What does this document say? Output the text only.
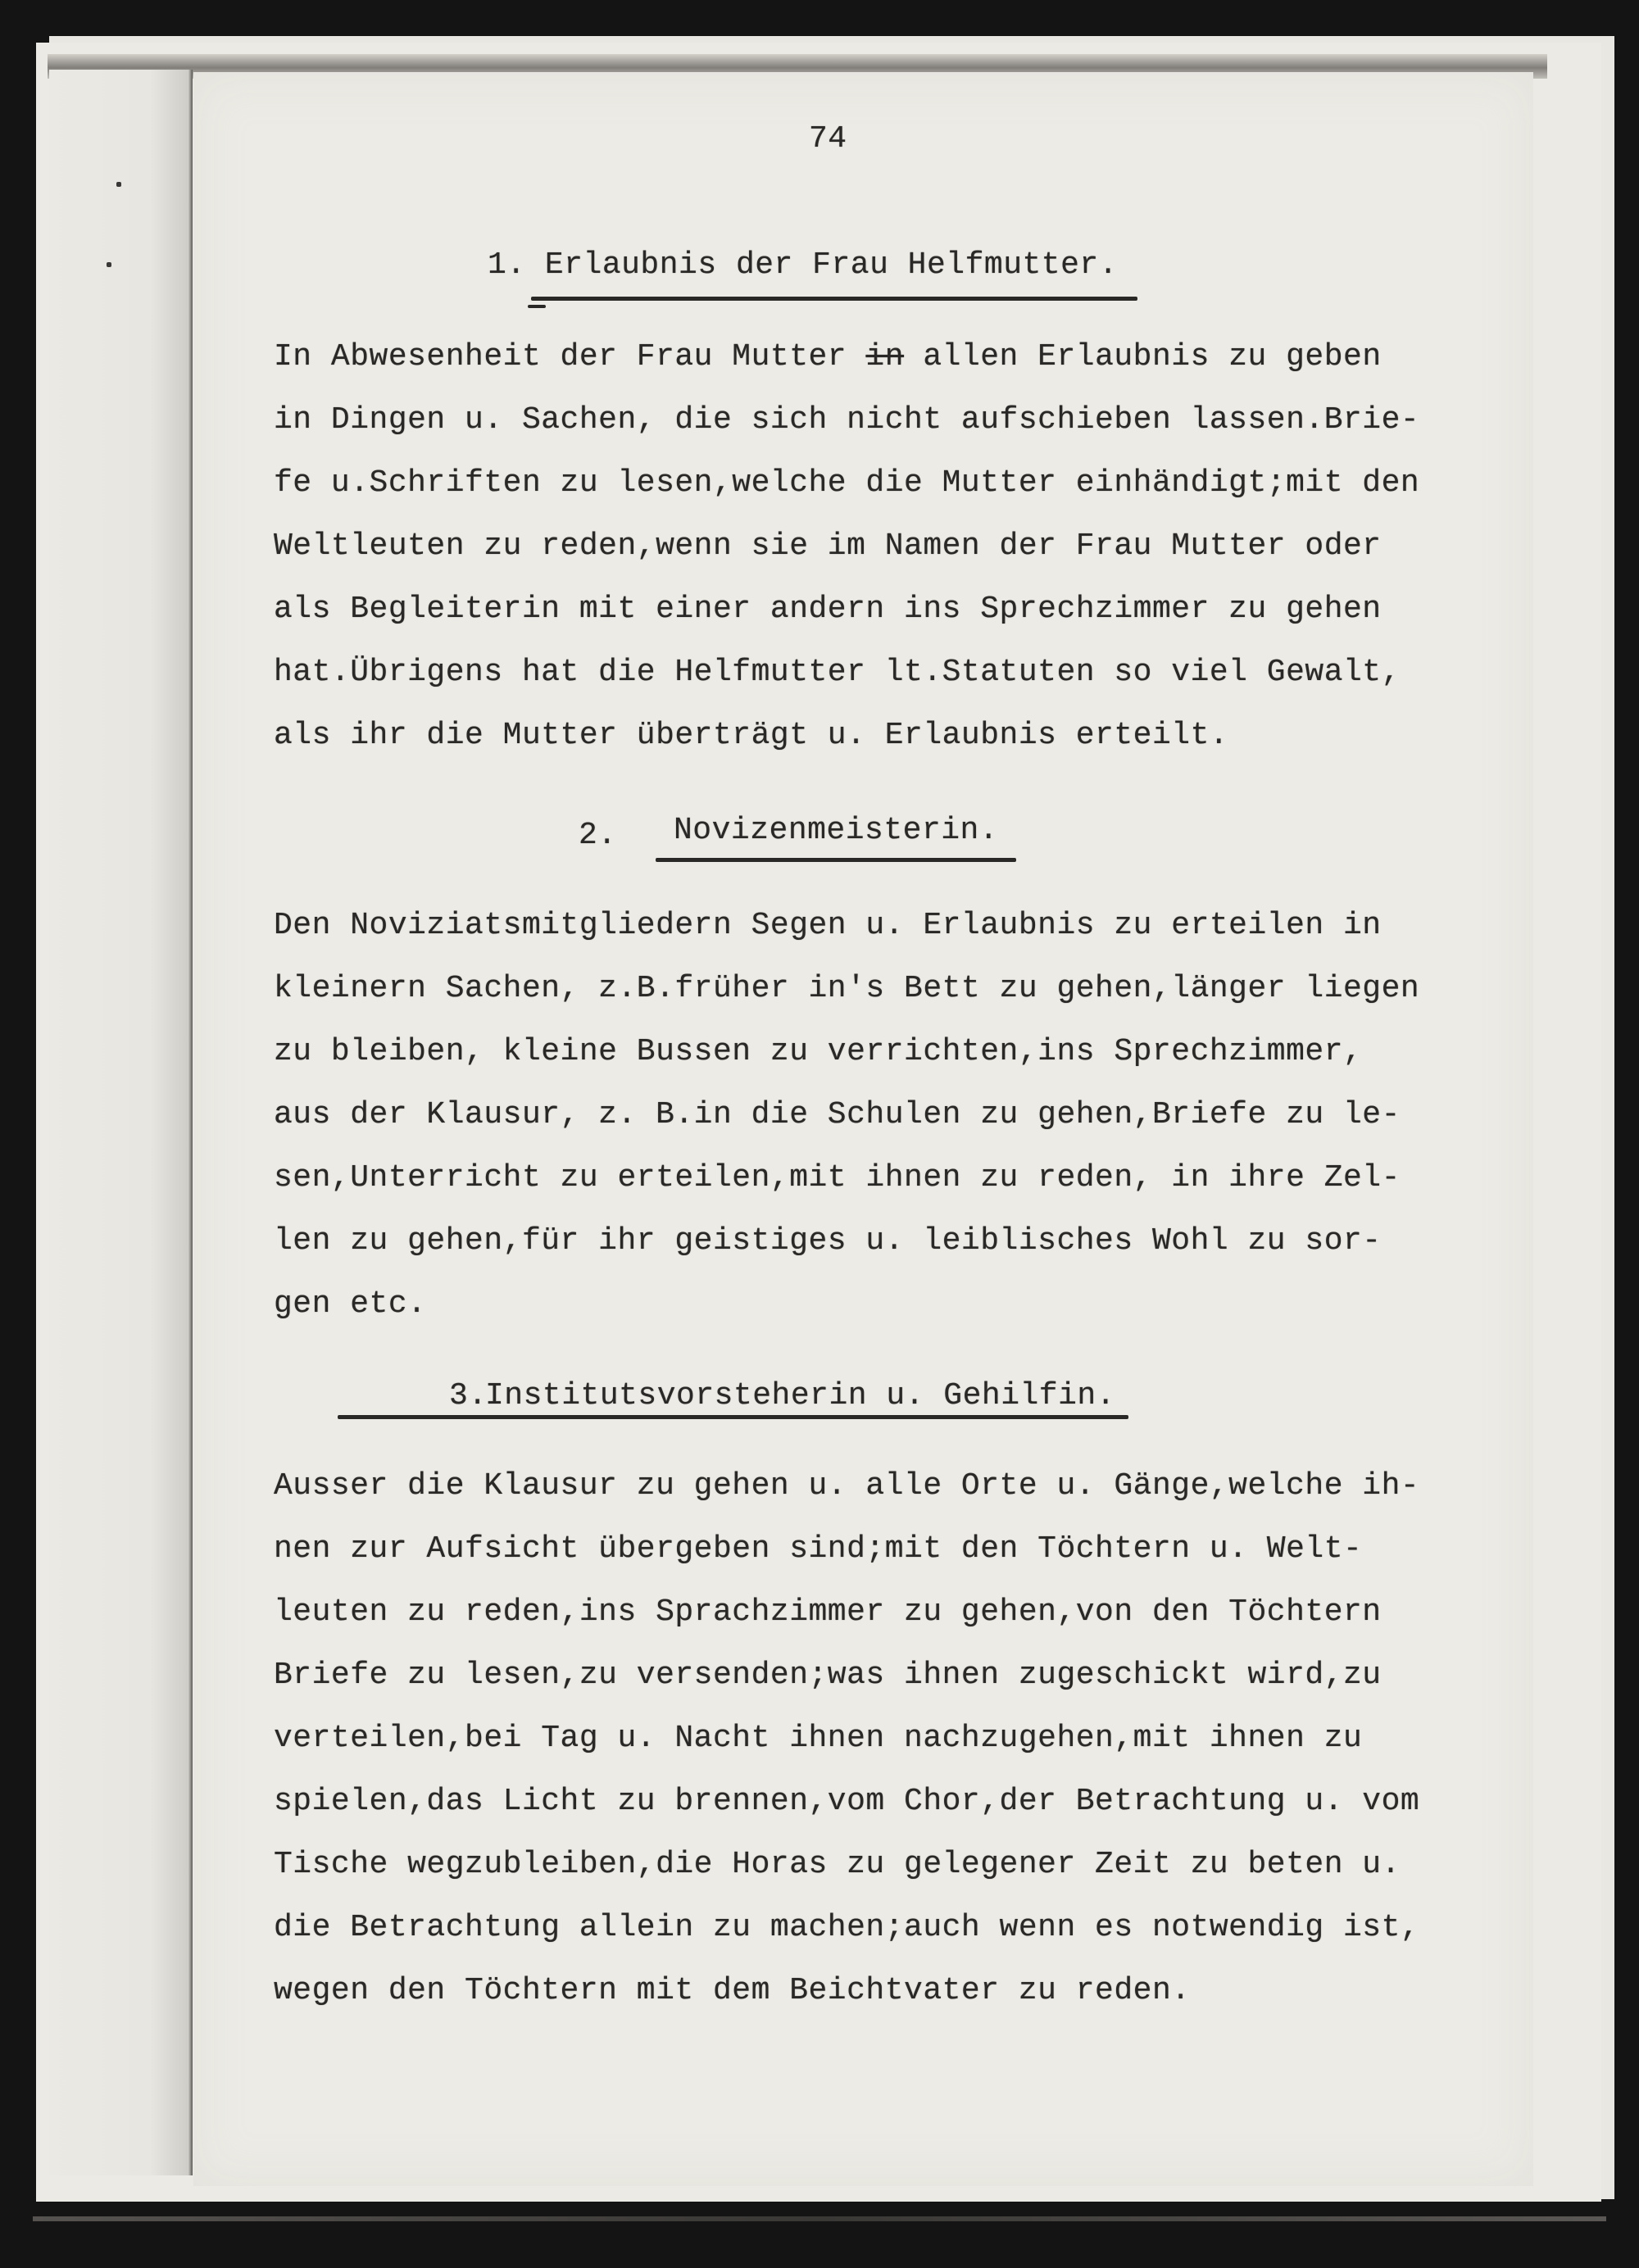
74
1. Erlaubnis der Frau Helfmutter.
In Abwesenheit der Frau Mutter in allen Erlaubnis zu geben
in Dingen u. Sachen, die sich nicht aufschieben lassen.Brie-
fe u.Schriften zu lesen,welche die Mutter einhändigt;mit den
Weltleuten zu reden,wenn sie im Namen der Frau Mutter oder
als Begleiterin mit einer andern ins Sprechzimmer zu gehen
hat.Übrigens hat die Helfmutter lt.Statuten so viel Gewalt,
als ihr die Mutter überträgt u. Erlaubnis erteilt.
2. Novizenmeisterin.
Den Noviziatsmitgliedern Segen u. Erlaubnis zu erteilen in
kleinern Sachen, z.B.früher in's Bett zu gehen,länger liegen
zu bleiben, kleine Bussen zu verrichten,ins Sprechzimmer,
aus der Klausur, z. B.in die Schulen zu gehen,Briefe zu le-
sen,Unterricht zu erteilen,mit ihnen zu reden, in ihre Zel-
len zu gehen,für ihr geistiges u. leiblisches Wohl zu sor-
gen etc.
3.
Institutsvorsteherin u. Gehilfin.
Ausser die Klausur zu gehen u. alle Orte u. Gänge,welche ih-
nen zur Aufsicht übergeben sind;mit den Töchtern u. Welt-
leuten zu reden,ins Sprachzimmer zu gehen,von den Töchtern
Briefe zu lesen,zu versenden;was ihnen zugeschickt wird,zu
verteilen,bei Tag u. Nacht ihnen nachzugehen,mit ihnen zu
spielen,das Licht zu brennen,vom Chor,der Betrachtung u. vom
Tische wegzubleiben,die Horas zu gelegener Zeit zu beten u.
die Betrachtung allein zu machen;auch wenn es notwendig ist,
wegen den Töchtern mit dem Beichtvater zu reden.
